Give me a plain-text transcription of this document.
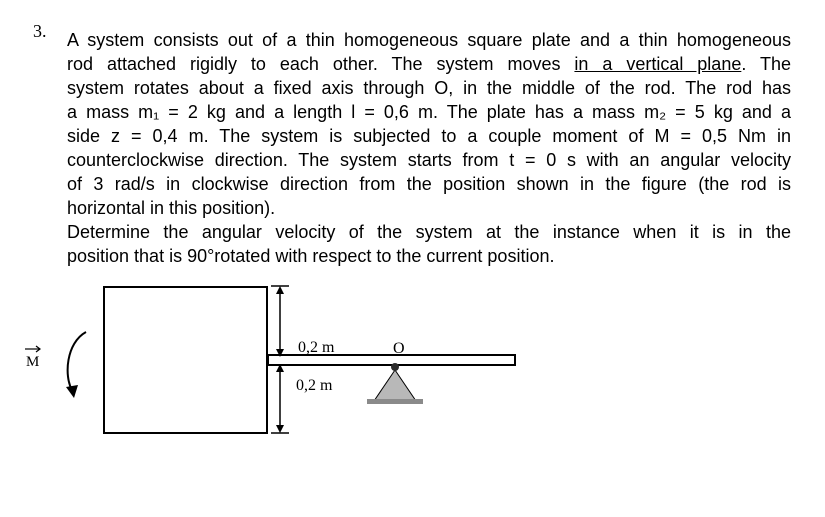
3. A system consists out of a thin homogeneous square plate and a thin homogeneous
rod attached rigidly to each other. The system moves in a vertical plane. The
system rotates about a fixed axis through O, in the middle of the rod. The rod has
a mass m₁ = 2 kg and a length l = 0,6 m. The plate has a mass m₂ = 5 kg and a
side z = 0,4 m. The system is subjected to a couple moment of M = 0,5 Nm in
counterclockwise direction. The system starts from t = 0 s with an angular velocity
of 3 rad/s in clockwise direction from the position shown in the figure (the rod is
horizontal in this position).
Determine the angular velocity of the system at the instance when it is in the
position that is 90°rotated with respect to the current position.
O
0,2 m
0,2 m
M
